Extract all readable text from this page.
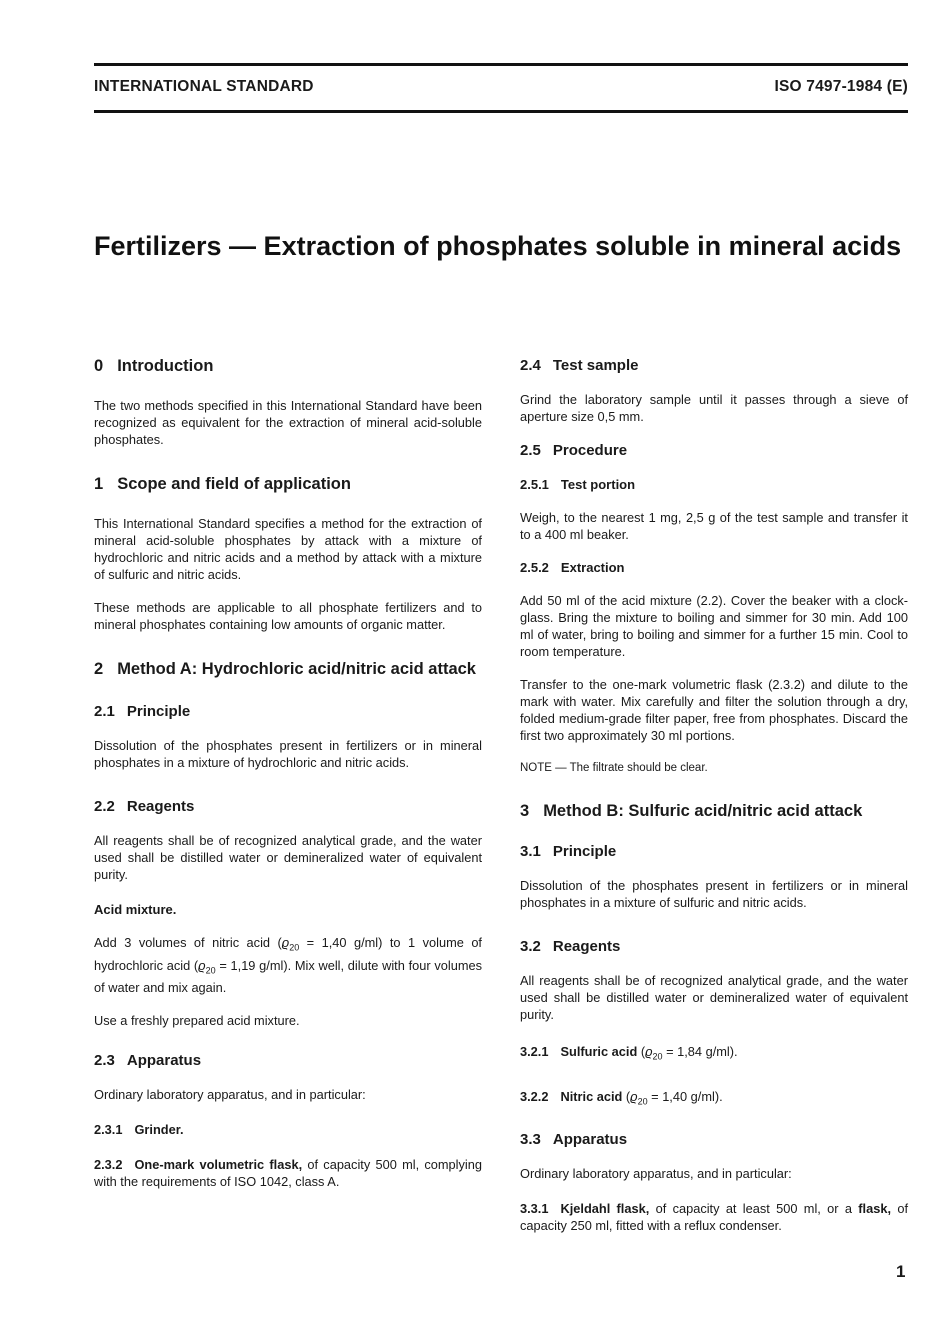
INTERNATIONAL STANDARD	ISO 7497-1984 (E)
Fertilizers — Extraction of phosphates soluble in mineral acids
0 Introduction

The two methods specified in this International Standard have been recognized as equivalent for the extraction of mineral acid-soluble phosphates.

1 Scope and field of application

This International Standard specifies a method for the extraction of mineral acid-soluble phosphates by attack with a mixture of hydrochloric and nitric acids and a method by attack with a mixture of sulfuric and nitric acids.

These methods are applicable to all phosphate fertilizers and to mineral phosphates containing low amounts of organic matter.

2 Method A: Hydrochloric acid/nitric acid attack
2.1 Principle

Dissolution of the phosphates present in fertilizers or in mineral phosphates in a mixture of hydrochloric and nitric acids.

2.2 Reagents

All reagents shall be of recognized analytical grade, and the water used shall be distilled water or demineralized water of equivalent purity.

Acid mixture.

Add 3 volumes of nitric acid ($ϱ_{20} = 1,40$ g/ml) to 1 volume of hydrochloric acid ($ϱ_{20} = 1,19$ g/ml). Mix well, dilute with four volumes of water and mix again.

Use a freshly prepared acid mixture.

2.3 Apparatus

Ordinary laboratory apparatus, and in particular:

2.3.1 Grinder.

2.3.2 One-mark volumetric flask, of capacity 500 ml, complying with the requirements of ISO 1042, class A.

2.4 Test sample

Grind the laboratory sample until it passes through a sieve of aperture size 0,5 mm.

2.5 Procedure
2.5.1 Test portion

Weigh, to the nearest 1 mg, 2,5 g of the test sample and transfer it to a 400 ml beaker.

2.5.2 Extraction

Add 50 ml of the acid mixture (2.2). Cover the beaker with a clock-glass. Bring the mixture to boiling and simmer for 30 min. Add 100 ml of water, bring to boiling and simmer for a further 15 min. Cool to room temperature.

Transfer to the one-mark volumetric flask (2.3.2) and dilute to the mark with water. Mix carefully and filter the solution through a dry, folded medium-grade filter paper, free from phosphates. Discard the first two approximately 30 ml portions.

NOTE — The filtrate should be clear.

3 Method B: Sulfuric acid/nitric acid attack
3.1 Principle

Dissolution of the phosphates present in fertilizers or in mineral phosphates in a mixture of sulfuric and nitric acids.

3.2 Reagents

All reagents shall be of recognized analytical grade, and the water used shall be distilled water or demineralized water of equivalent purity.

3.2.1 Sulfuric acid ($ϱ_{20} = 1,84$ g/ml).

3.2.2 Nitric acid ($ϱ_{20} = 1,40$ g/ml).

3.3 Apparatus

Ordinary laboratory apparatus, and in particular:

3.3.1 Kjeldahl flask, of capacity at least 500 ml, or a flask, of capacity 250 ml, fitted with a reflux condenser.

1
